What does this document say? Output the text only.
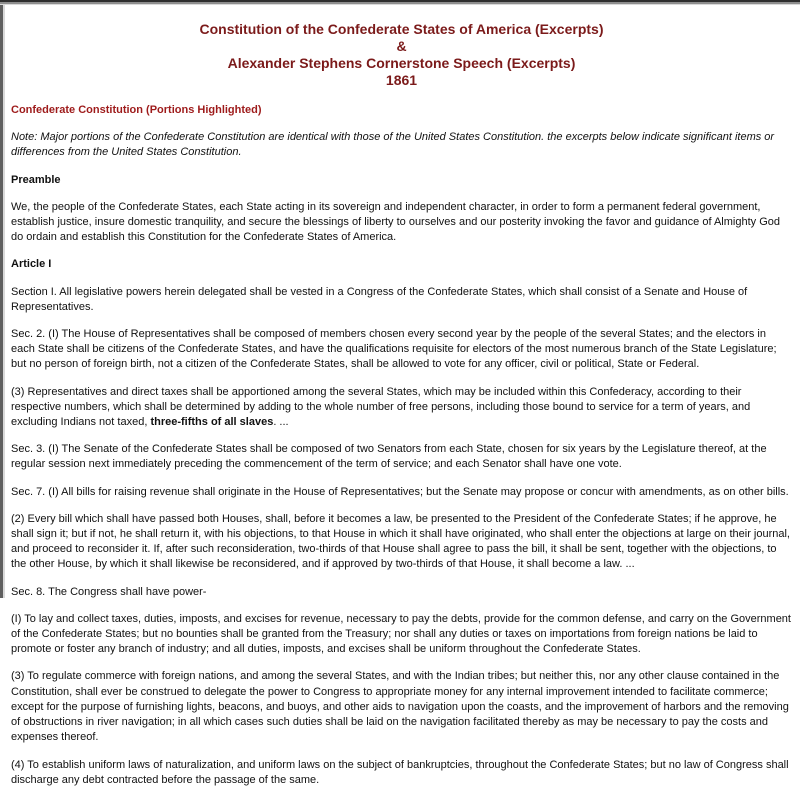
Constitution of the Confederate States of America (Excerpts)
&
Alexander Stephens Cornerstone Speech (Excerpts)
1861
Confederate Constitution (Portions Highlighted)

Note: Major portions of the Confederate Constitution are identical with those of the United States Constitution. the excerpts below indicate significant items or differences from the United States Constitution.

Preamble

We, the people of the Confederate States, each State acting in its sovereign and independent character, in order to form a permanent federal government, establish justice, insure domestic tranquility, and secure the blessings of liberty to ourselves and our posterity invoking the favor and guidance of Almighty God do ordain and establish this Constitution for the Confederate States of America.

Article I

Section I. All legislative powers herein delegated shall be vested in a Congress of the Confederate States, which shall consist of a Senate and House of Representatives.

Sec. 2. (I) The House of Representatives shall be composed of members chosen every second year by the people of the several States; and the electors in each State shall be citizens of the Confederate States, and have the qualifications requisite for electors of the most numerous branch of the State Legislature; but no person of foreign birth, not a citizen of the Confederate States, shall be allowed to vote for any officer, civil or political, State or Federal.

(3) Representatives and direct taxes shall be apportioned among the several States, which may be included within this Confederacy, according to their respective numbers, which shall be determined by adding to the whole number of free persons, including those bound to service for a term of years, and excluding Indians not taxed, three-fifths of all slaves. ...

Sec. 3. (I) The Senate of the Confederate States shall be composed of two Senators from each State, chosen for six years by the Legislature thereof, at the regular session next immediately preceding the commencement of the term of service; and each Senator shall have one vote.

Sec. 7. (I) All bills for raising revenue shall originate in the House of Representatives; but the Senate may propose or concur with amendments, as on other bills.

(2) Every bill which shall have passed both Houses, shall, before it becomes a law, be presented to the President of the Confederate States; if he approve, he shall sign it; but if not, he shall return it, with his objections, to that House in which it shall have originated, who shall enter the objections at large on their journal, and proceed to reconsider it. If, after such reconsideration, two-thirds of that House shall agree to pass the bill, it shall be sent, together with the objections, to the other House, by which it shall likewise be reconsidered, and if approved by two-thirds of that House, it shall become a law. ...

Sec. 8. The Congress shall have power-

(I) To lay and collect taxes, duties, imposts, and excises for revenue, necessary to pay the debts, provide for the common defense, and carry on the Government of the Confederate States; but no bounties shall be granted from the Treasury; nor shall any duties or taxes on importations from foreign nations be laid to promote or foster any branch of industry; and all duties, imposts, and excises shall be uniform throughout the Confederate States.

(3) To regulate commerce with foreign nations, and among the several States, and with the Indian tribes; but neither this, nor any other clause contained in the Constitution, shall ever be construed to delegate the power to Congress to appropriate money for any internal improvement intended to facilitate commerce; except for the purpose of furnishing lights, beacons, and buoys, and other aids to navigation upon the coasts, and the improvement of harbors and the removing of obstructions in river navigation; in all which cases such duties shall be laid on the navigation facilitated thereby as may be necessary to pay the costs and expenses thereof.

(4) To establish uniform laws of naturalization, and uniform laws on the subject of bankruptcies, throughout the Confederate States; but no law of Congress shall discharge any debt contracted before the passage of the same.
